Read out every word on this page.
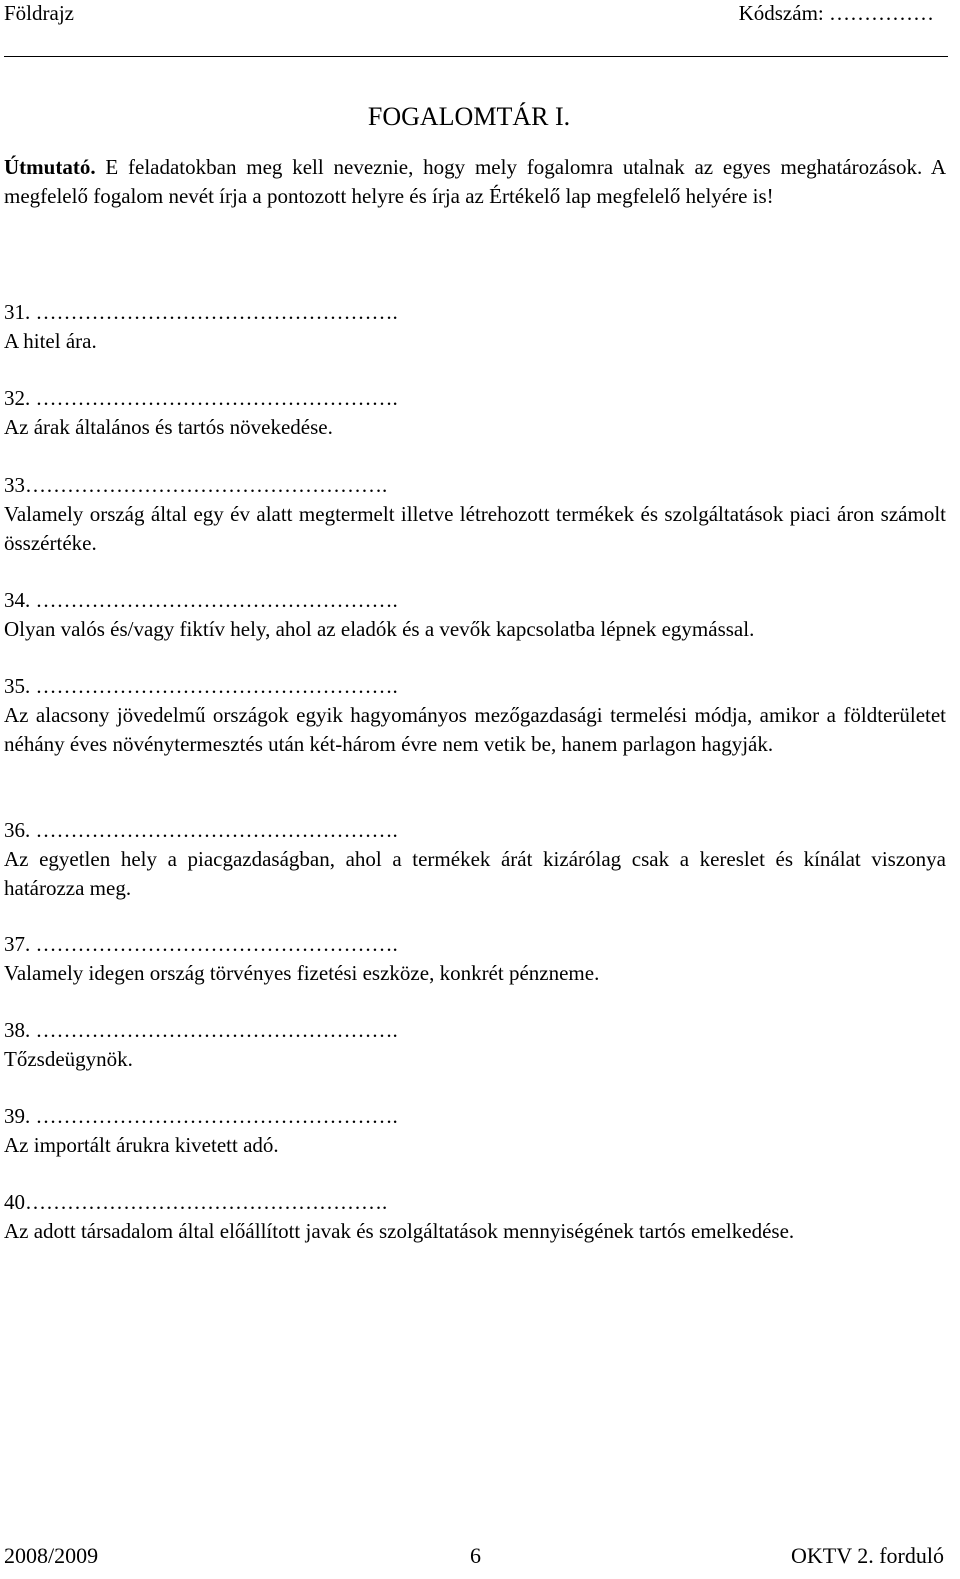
Földrajz	Kódszám: ……………
FOGALOMTÁR I.
Útmutató. E feladatokban meg kell neveznie, hogy mely fogalomra utalnak az egyes meghatározások. A megfelelő fogalom nevét írja a pontozott helyre és írja az Értékelő lap megfelelő helyére is!
31. …………………………………………….
A hitel ára.
32. …………………………………………….
Az árak általános és tartós növekedése.
33…………………………………………….
Valamely ország által egy év alatt megtermelt illetve létrehozott termékek és szolgáltatások piaci áron számolt összértéke.
34. …………………………………………….
Olyan valós és/vagy fiktív hely, ahol az eladók és a vevők kapcsolatba lépnek egymással.
35. …………………………………………….
Az alacsony jövedelmű országok egyik hagyományos mezőgazdasági termelési módja, amikor a földterületet néhány éves növénytermesztés után két-három évre nem vetik be, hanem parlagon hagyják.
36. …………………………………………….
Az egyetlen hely a piacgazdaságban, ahol a termékek árát kizárólag csak a kereslet és kínálat viszonya határozza meg.
37. …………………………………………….
Valamely idegen ország törvényes fizetési eszköze, konkrét pénzneme.
38. …………………………………………….
Tőzsdeügynök.
39. …………………………………………….
Az importált árukra kivetett adó.
40…………………………………………….
Az adott társadalom által előállított javak és szolgáltatások mennyiségének tartós emelkedése.
2008/2009	6	OKTV 2. forduló
